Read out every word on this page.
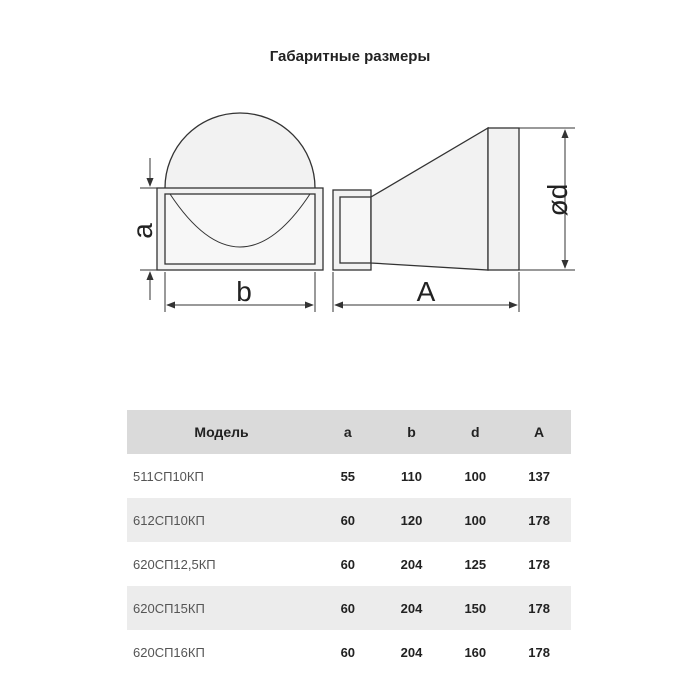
Габаритные размеры
a
b
ød
A
Модель	a	b	d	A
511СП10КП	55	110	100	137
612СП10КП	60	120	100	178
620СП12,5КП	60	204	125	178
620СП15КП	60	204	150	178
620СП16КП	60	204	160	178
